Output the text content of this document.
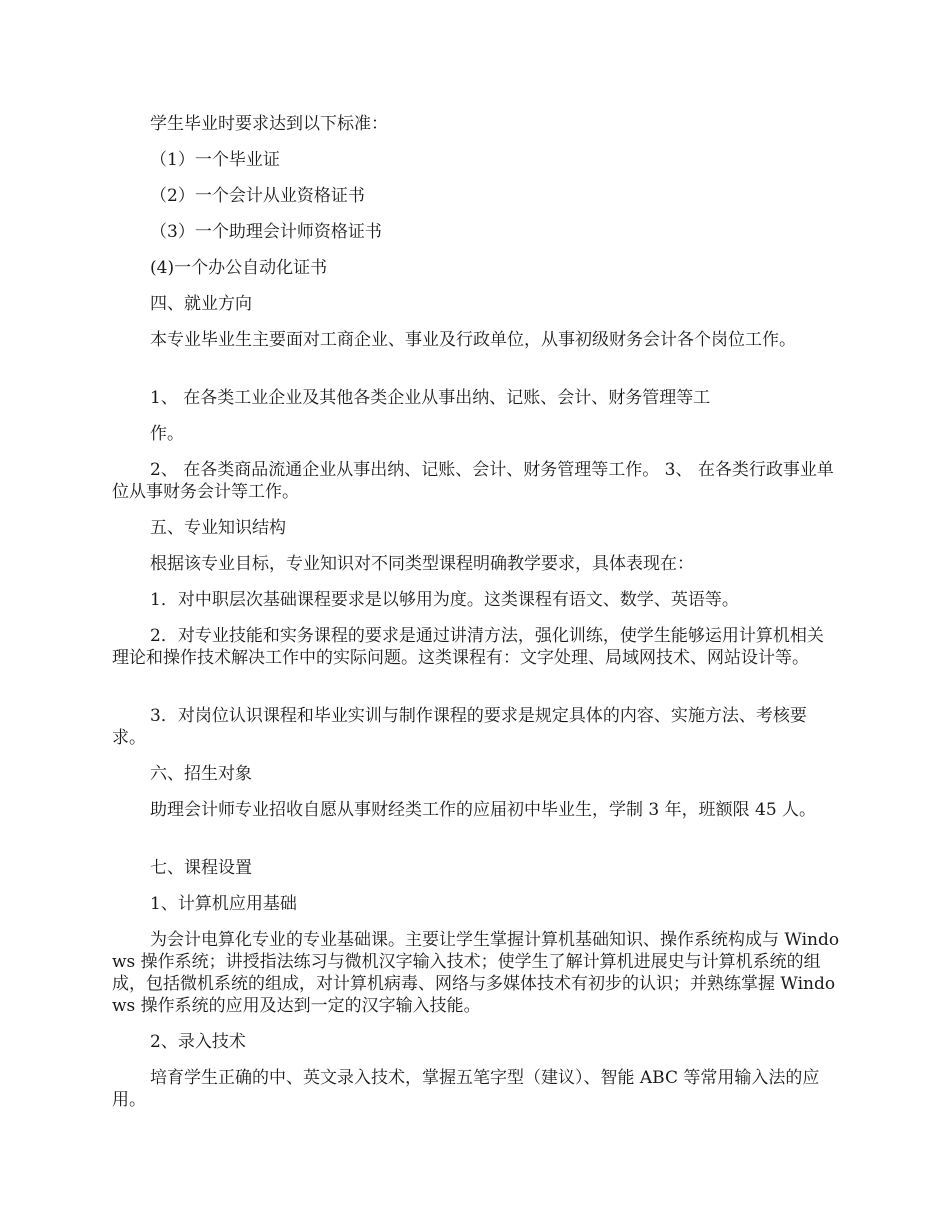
学生毕业时要求达到以下标准：

（1）一个毕业证

（2）一个会计从业资格证书

（3）一个助理会计师资格证书

(4)一个办公自动化证书

四、就业方向

本专业毕业生主要面对工商企业、事业及行政单位，从事初级财务会计各个岗位工作。

1、 在各类工业企业及其他各类企业从事出纳、记账、会计、财务管理等工

作。

2、 在各类商品流通企业从事出纳、记账、会计、财务管理等工作。 3、 在各类行政事业单位从事财务会计等工作。

五、专业知识结构

根据该专业目标，专业知识对不同类型课程明确教学要求，具体表现在：

1．对中职层次基础课程要求是以够用为度。这类课程有语文、数学、英语等。

2．对专业技能和实务课程的要求是通过讲清方法，强化训练，使学生能够运用计算机相关理论和操作技术解决工作中的实际问题。这类课程有：文字处理、局域网技术、网站设计等。

3．对岗位认识课程和毕业实训与制作课程的要求是规定具体的内容、实施方法、考核要求。

六、招生对象

助理会计师专业招收自愿从事财经类工作的应届初中毕业生，学制 3 年，班额限 45 人。

七、课程设置

1、计算机应用基础

为会计电算化专业的专业基础课。主要让学生掌握计算机基础知识、操作系统构成与 Windows 操作系统；讲授指法练习与微机汉字输入技术；使学生了解计算机进展史与计算机系统的组成，包括微机系统的组成，对计算机病毒、网络与多媒体技术有初步的认识；并熟练掌握 Windows 操作系统的应用及达到一定的汉字输入技能。

2、录入技术

培育学生正确的中、英文录入技术，掌握五笔字型（建议）、智能 ABC 等常用输入法的应用。
